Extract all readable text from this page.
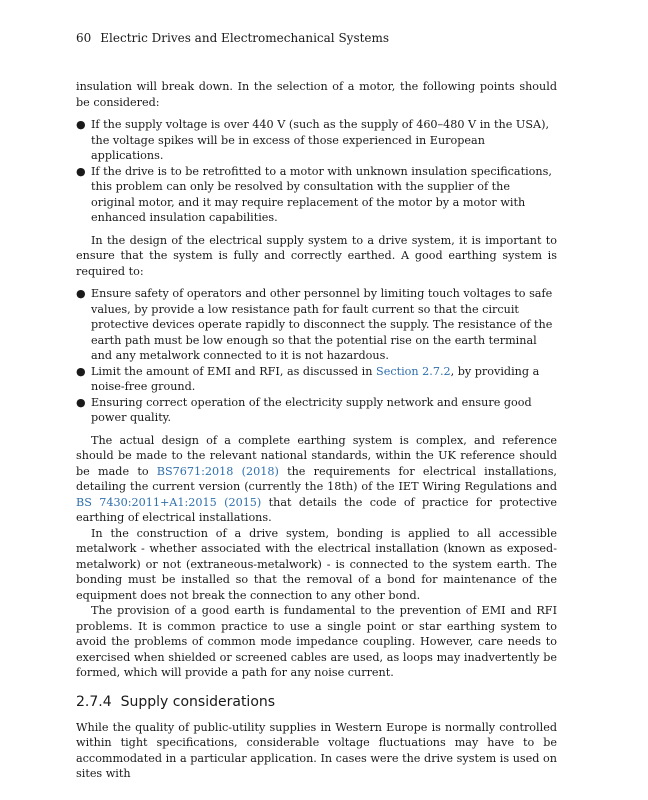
60 Electric Drives and Electromechanical Systems

insulation will break down. In the selection of a motor, the following points should be considered:

● If the supply voltage is over 440 V (such as the supply of 460–480 V in the USA), the voltage spikes will be in excess of those experienced in European applications.
● If the drive is to be retrofitted to a motor with unknown insulation specifications, this problem can only be resolved by consultation with the supplier of the original motor, and it may require replacement of the motor by a motor with enhanced insulation capabilities.

In the design of the electrical supply system to a drive system, it is important to ensure that the system is fully and correctly earthed. A good earthing system is required to:

● Ensure safety of operators and other personnel by limiting touch voltages to safe values, by provide a low resistance path for fault current so that the circuit protective devices operate rapidly to disconnect the supply. The resistance of the earth path must be low enough so that the potential rise on the earth terminal and any metalwork connected to it is not hazardous.
● Limit the amount of EMI and RFI, as discussed in Section 2.7.2, by providing a noise-free ground.
● Ensuring correct operation of the electricity supply network and ensure good power quality.

The actual design of a complete earthing system is complex, and reference should be made to the relevant national standards, within the UK reference should be made to BS7671:2018 (2018) the requirements for electrical installations, detailing the current version (currently the 18th) of the IET Wiring Regulations and BS 7430:2011+A1:2015 (2015) that details the code of practice for protective earthing of electrical installations.

In the construction of a drive system, bonding is applied to all accessible metalwork - whether associated with the electrical installation (known as exposed-metalwork) or not (extraneous-metalwork) - is connected to the system earth. The bonding must be installed so that the removal of a bond for maintenance of the equipment does not break the connection to any other bond.

The provision of a good earth is fundamental to the prevention of EMI and RFI problems. It is common practice to use a single point or star earthing system to avoid the problems of common mode impedance coupling. However, care needs to exercised when shielded or screened cables are used, as loops may inadvertently be formed, which will provide a path for any noise current.

2.7.4 Supply considerations

While the quality of public-utility supplies in Western Europe is normally controlled within tight specifications, considerable voltage fluctuations may have to be accommodated in a particular application. In cases were the drive system is used on sites with
